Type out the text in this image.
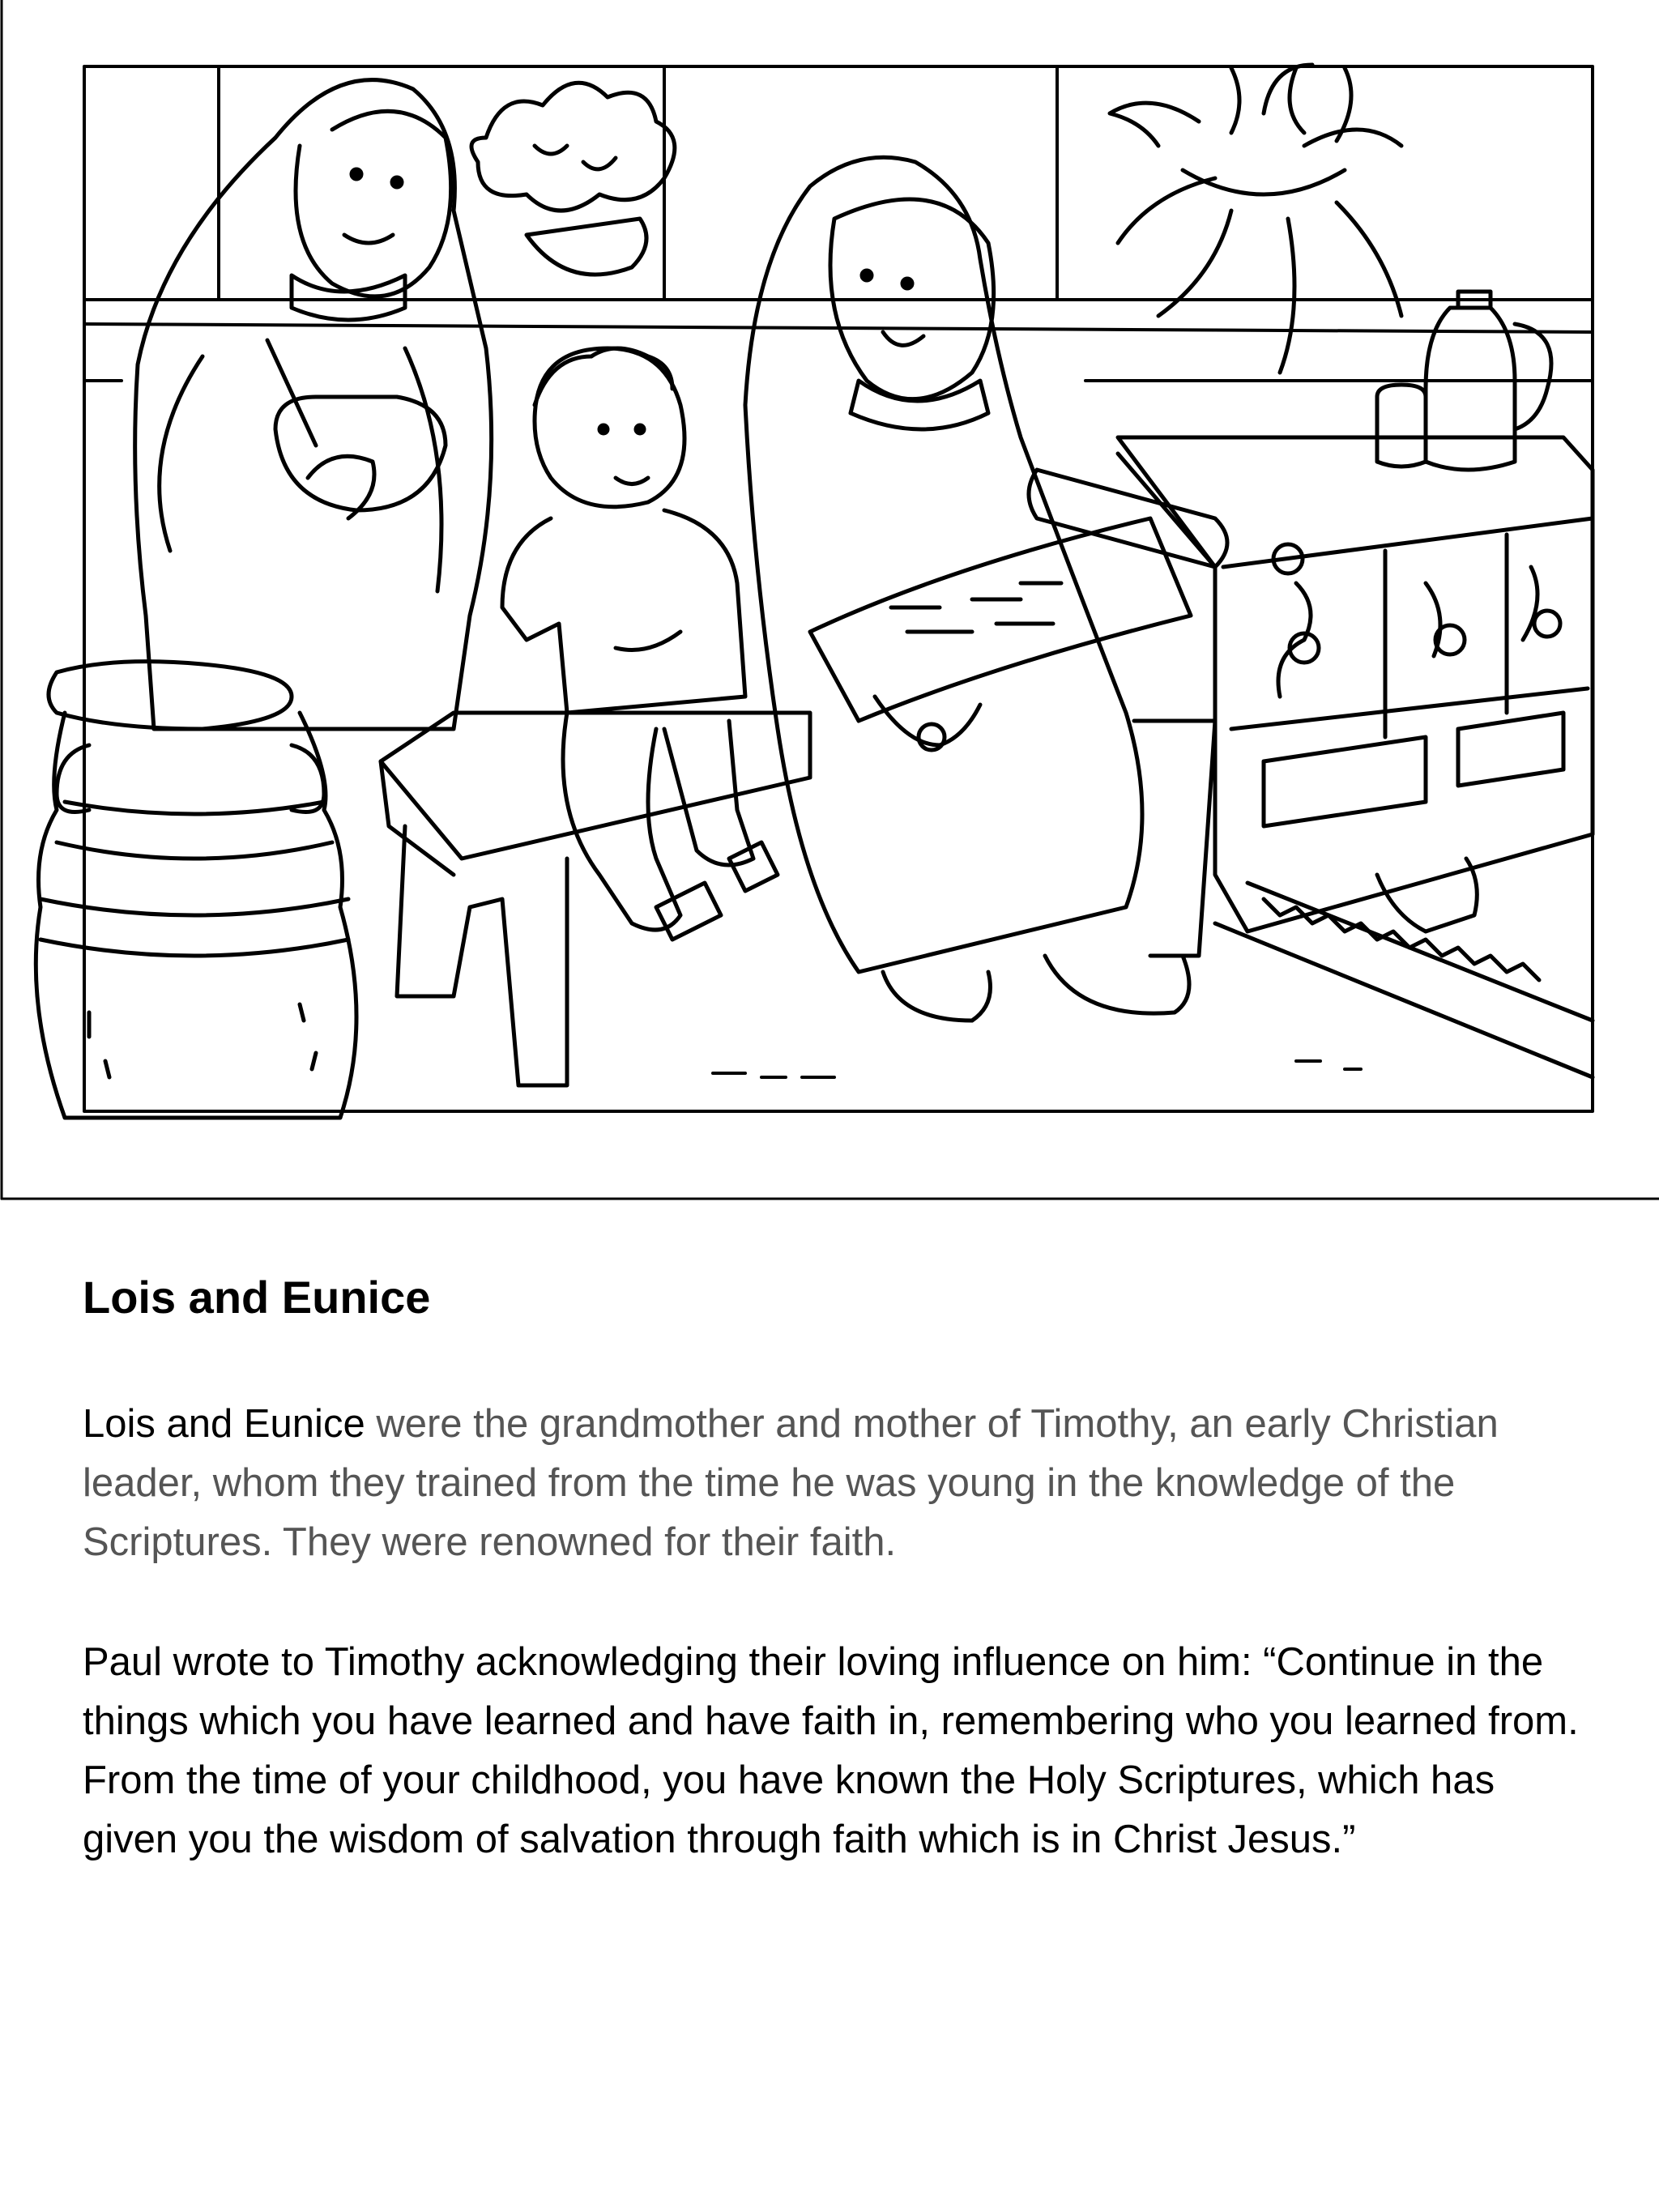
Lois and Eunice
Lois and Eunice were the grandmother and mother of Timothy, an early Christian leader, whom they trained from the time he was young in the knowledge of the Scriptures. They were renowned for their faith.
Paul wrote to Timothy acknowledging their loving influence on him: “Continue in the things which you have learned and have faith in, remembering who you learned from. From the time of your childhood, you have known the Holy Scriptures, which has given you the wisdom of salvation through faith which is in Christ Jesus.”
